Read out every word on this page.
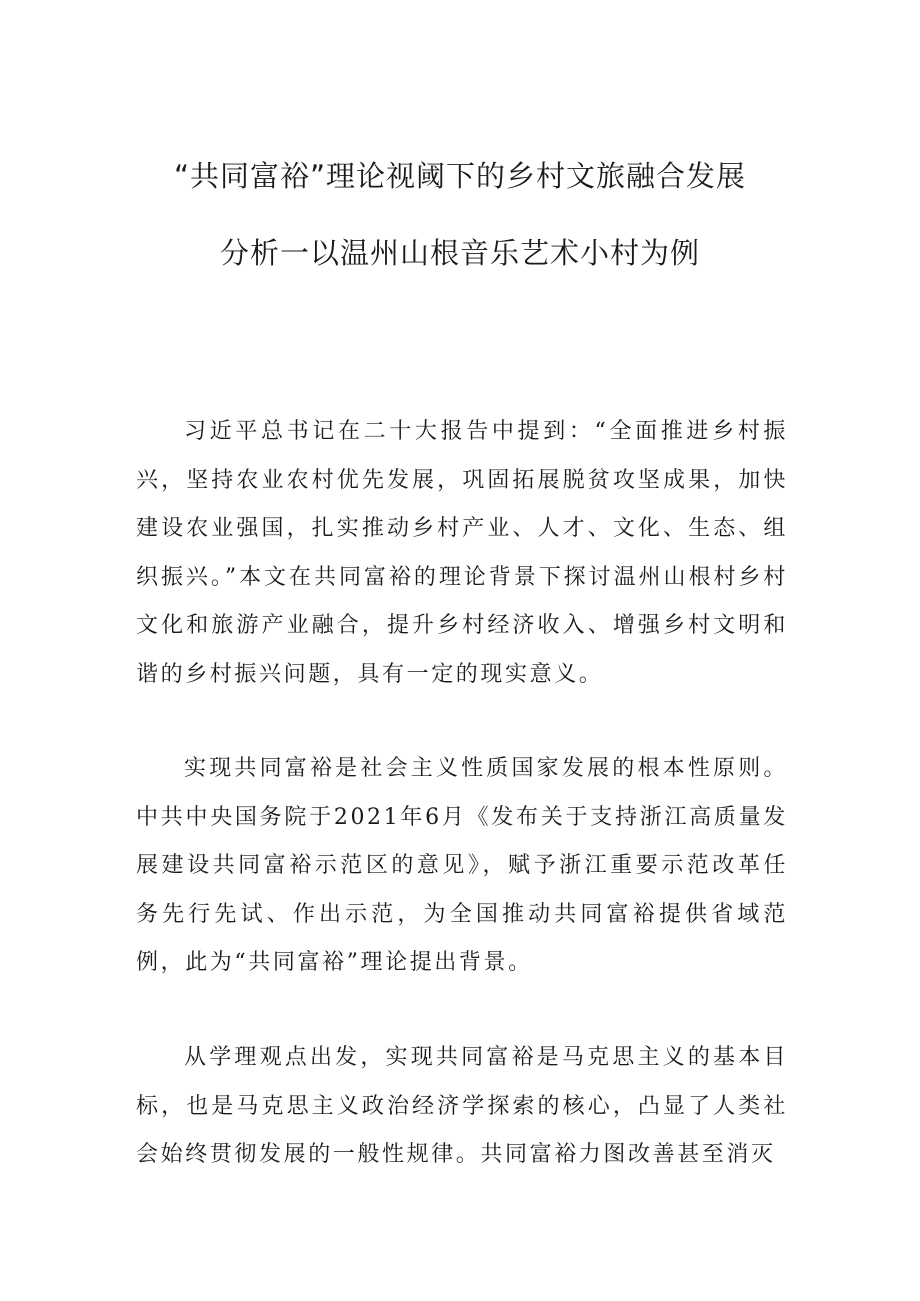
“共同富裕”理论视阈下的乡村文旅融合发展
分析一以温州山根音乐艺术小村为例

习近平总书记在二十大报告中提到：“全面推进乡村振兴，坚持农业农村优先发展，巩固拓展脱贫攻坚成果，加快建设农业强国，扎实推动乡村产业、人才、文化、生态、组织振兴。”本文在共同富裕的理论背景下探讨温州山根村乡村文化和旅游产业融合，提升乡村经济收入、增强乡村文明和谐的乡村振兴问题，具有一定的现实意义。

实现共同富裕是社会主义性质国家发展的根本性原则。中共中央国务院于2021年6月《发布关于支持浙江高质量发展建设共同富裕示范区的意见》，赋予浙江重要示范改革任务先行先试、作出示范，为全国推动共同富裕提供省域范例，此为“共同富裕”理论提出背景。

从学理观点出发，实现共同富裕是马克思主义的基本目标，也是马克思主义政治经济学探索的核心，凸显了人类社会始终贯彻发展的一般性规律。共同富裕力图改善甚至消灭
